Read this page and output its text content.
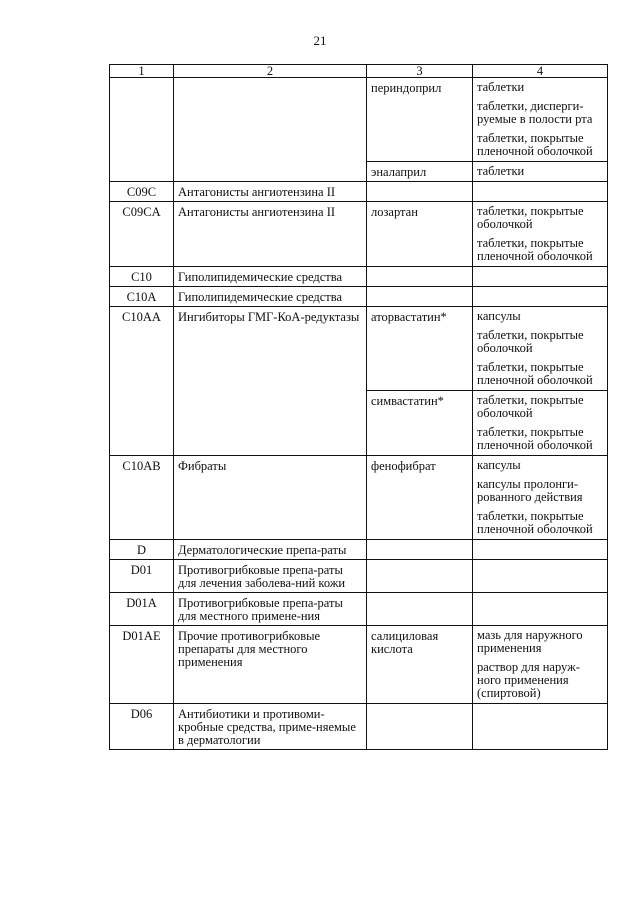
21
1	2	3	4
		периндоприл	таблетки
таблетки, дисперги-руемые в полости рта
таблетки, покрытые пленочной оболочкой

		эналаприл	таблетки

C09C	Антагонисты ангиотензина II		
C09CA	Антагонисты ангиотензина II	лозартан	таблетки, покрытые оболочкой
таблетки, покрытые пленочной оболочкой

C10	Гиполипидемические средства		
C10A	Гиполипидемические средства		
C10AA	Ингибиторы ГМГ-КоА-редуктазы	аторвастатин*	капсулы
таблетки, покрытые оболочкой
таблетки, покрытые пленочной оболочкой

		симвастатин*	таблетки, покрытые оболочкой
таблетки, покрытые пленочной оболочкой

C10AB	Фибраты	фенофибрат	капсулы
капсулы пролонги-рованного действия
таблетки, покрытые пленочной оболочкой

D	Дерматологические препа-раты		
D01	Противогрибковые препа-раты для лечения заболева-ний кожи		
D01A	Противогрибковые препа-раты для местного примене-ния		
D01AE	Прочие противогрибковые препараты для местного применения	салициловая кислота	мазь для наружного применения
раствор для наруж-ного применения (спиртовой)

D06	Антибиотики и противоми-кробные средства, приме-няемые в дерматологии		
